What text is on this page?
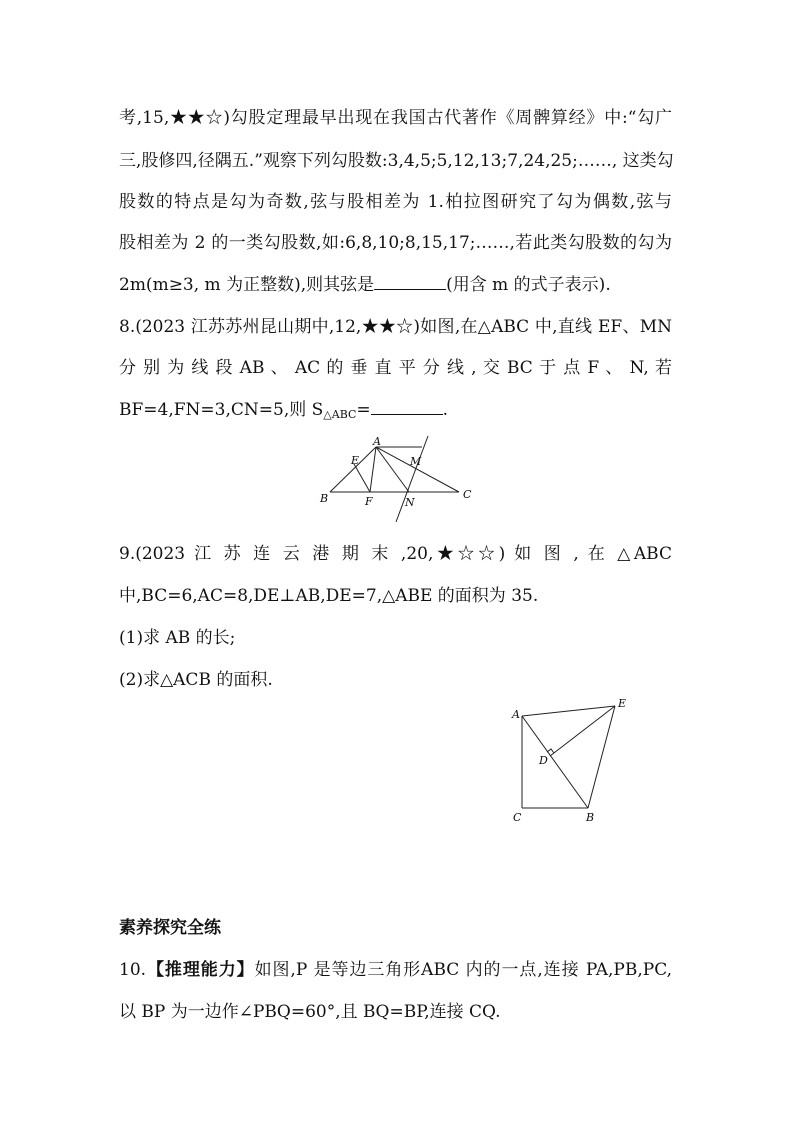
考,15,★★☆)勾股定理最早出现在我国古代著作《周髀算经》中:“勾广
三,股修四,径隅五.”观察下列勾股数:3,4,5;5,12,13;7,24,25;……, 这类勾
股数的特点是勾为奇数,弦与股相差为 1.柏拉图研究了勾为偶数,弦与
股相差为 2 的一类勾股数,如:6,8,10;8,15,17;……,若此类勾股数的勾为
2m(m≥3, m 为正整数),则其弦是	(用含 m 的式子表示).
8.(2023 江苏苏州昆山期中,12,★★☆)如图,在△ABC 中,直线 EF、MN
分 别 为 线 段 AB 、 AC 的 垂 直 平 分 线 , 交 BC 于 点 F 、 N, 若
BF=4,FN=3,CN=5,则 $S_{\triangle ABC}=$	.
A
E	M
B	F	N
C
9.(2023 江 苏 连 云 港 期 末 ,20,★☆☆) 如 图 , 在 △ABC
中,BC=6,AC=8,DE⊥AB,DE=7,△ABE 的面积为 35.
(1)求 AB 的长;
(2)求△ACB 的面积.
A
E
D
C	B
素养探究全练
10.【推理能力】如图,P 是等边三角形ABC 内的一点,连接 PA,PB,PC,
以 BP 为一边作∠PBQ=60°,且 BQ=BP,连接 CQ.
